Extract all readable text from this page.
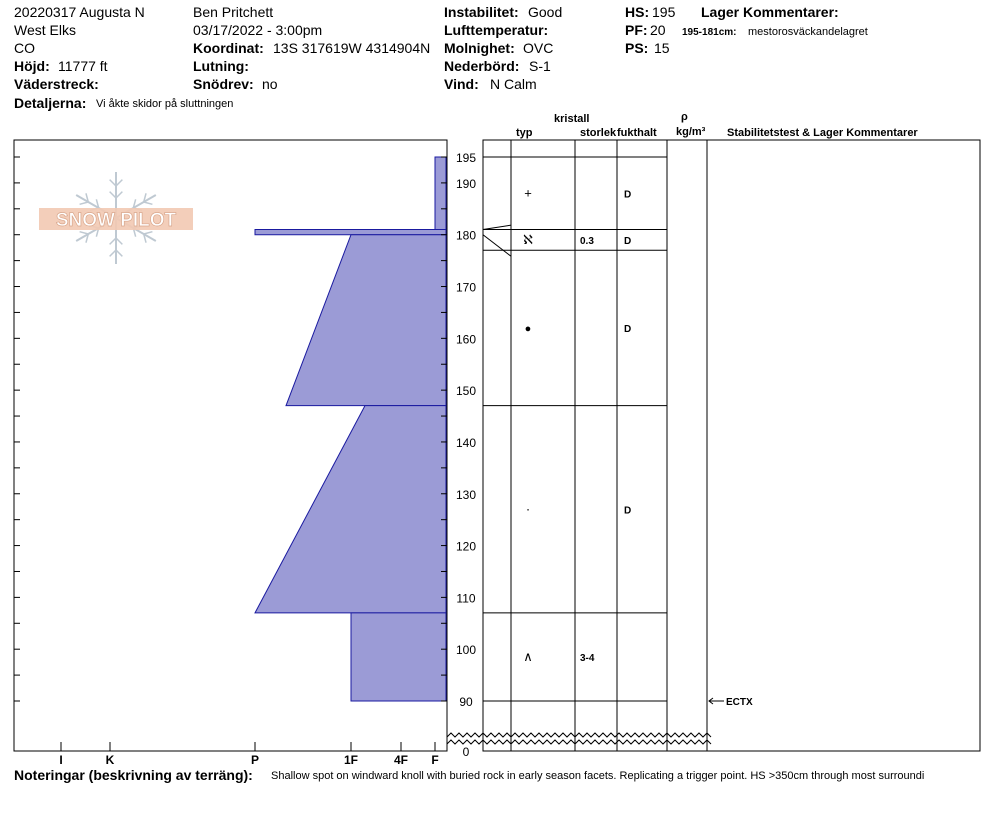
20220317 Augusta N
West Elks
CO
Höjd: 11777 ft
Väderstreck:
Detaljerna: Vi åkte skidor på sluttningen
Ben Pritchett
03/17/2022 - 3:00pm
Koordinat: 13S 317619W 4314904N
Lutning:
Snödrev: no
Instabilitet: Good
Lufttemperatur:
Molnighet: OVC
Nederbörd: S-1
Vind: N Calm
HS: 195
PF: 20
PS: 15
Lager Kommentarer:
195-181cm: mestorosväckandelagret
kristall
typ	storlek fukthalt
ρ
kg/m³ Stabilitetstest & Lager Kommentarer
SNOW PILOT
195
190
180
170
160
150
140
130
120
110
100
90
0
I	K	P	1F	4F F
+	D
ℵ	0.3	D
●	D
·	D
∧	3-4
ECTX
Noteringar (beskrivning av terräng): Shallow spot on windward knoll with buried rock in early season facets. Replicating a trigger point. HS >350cm through most surroundi
